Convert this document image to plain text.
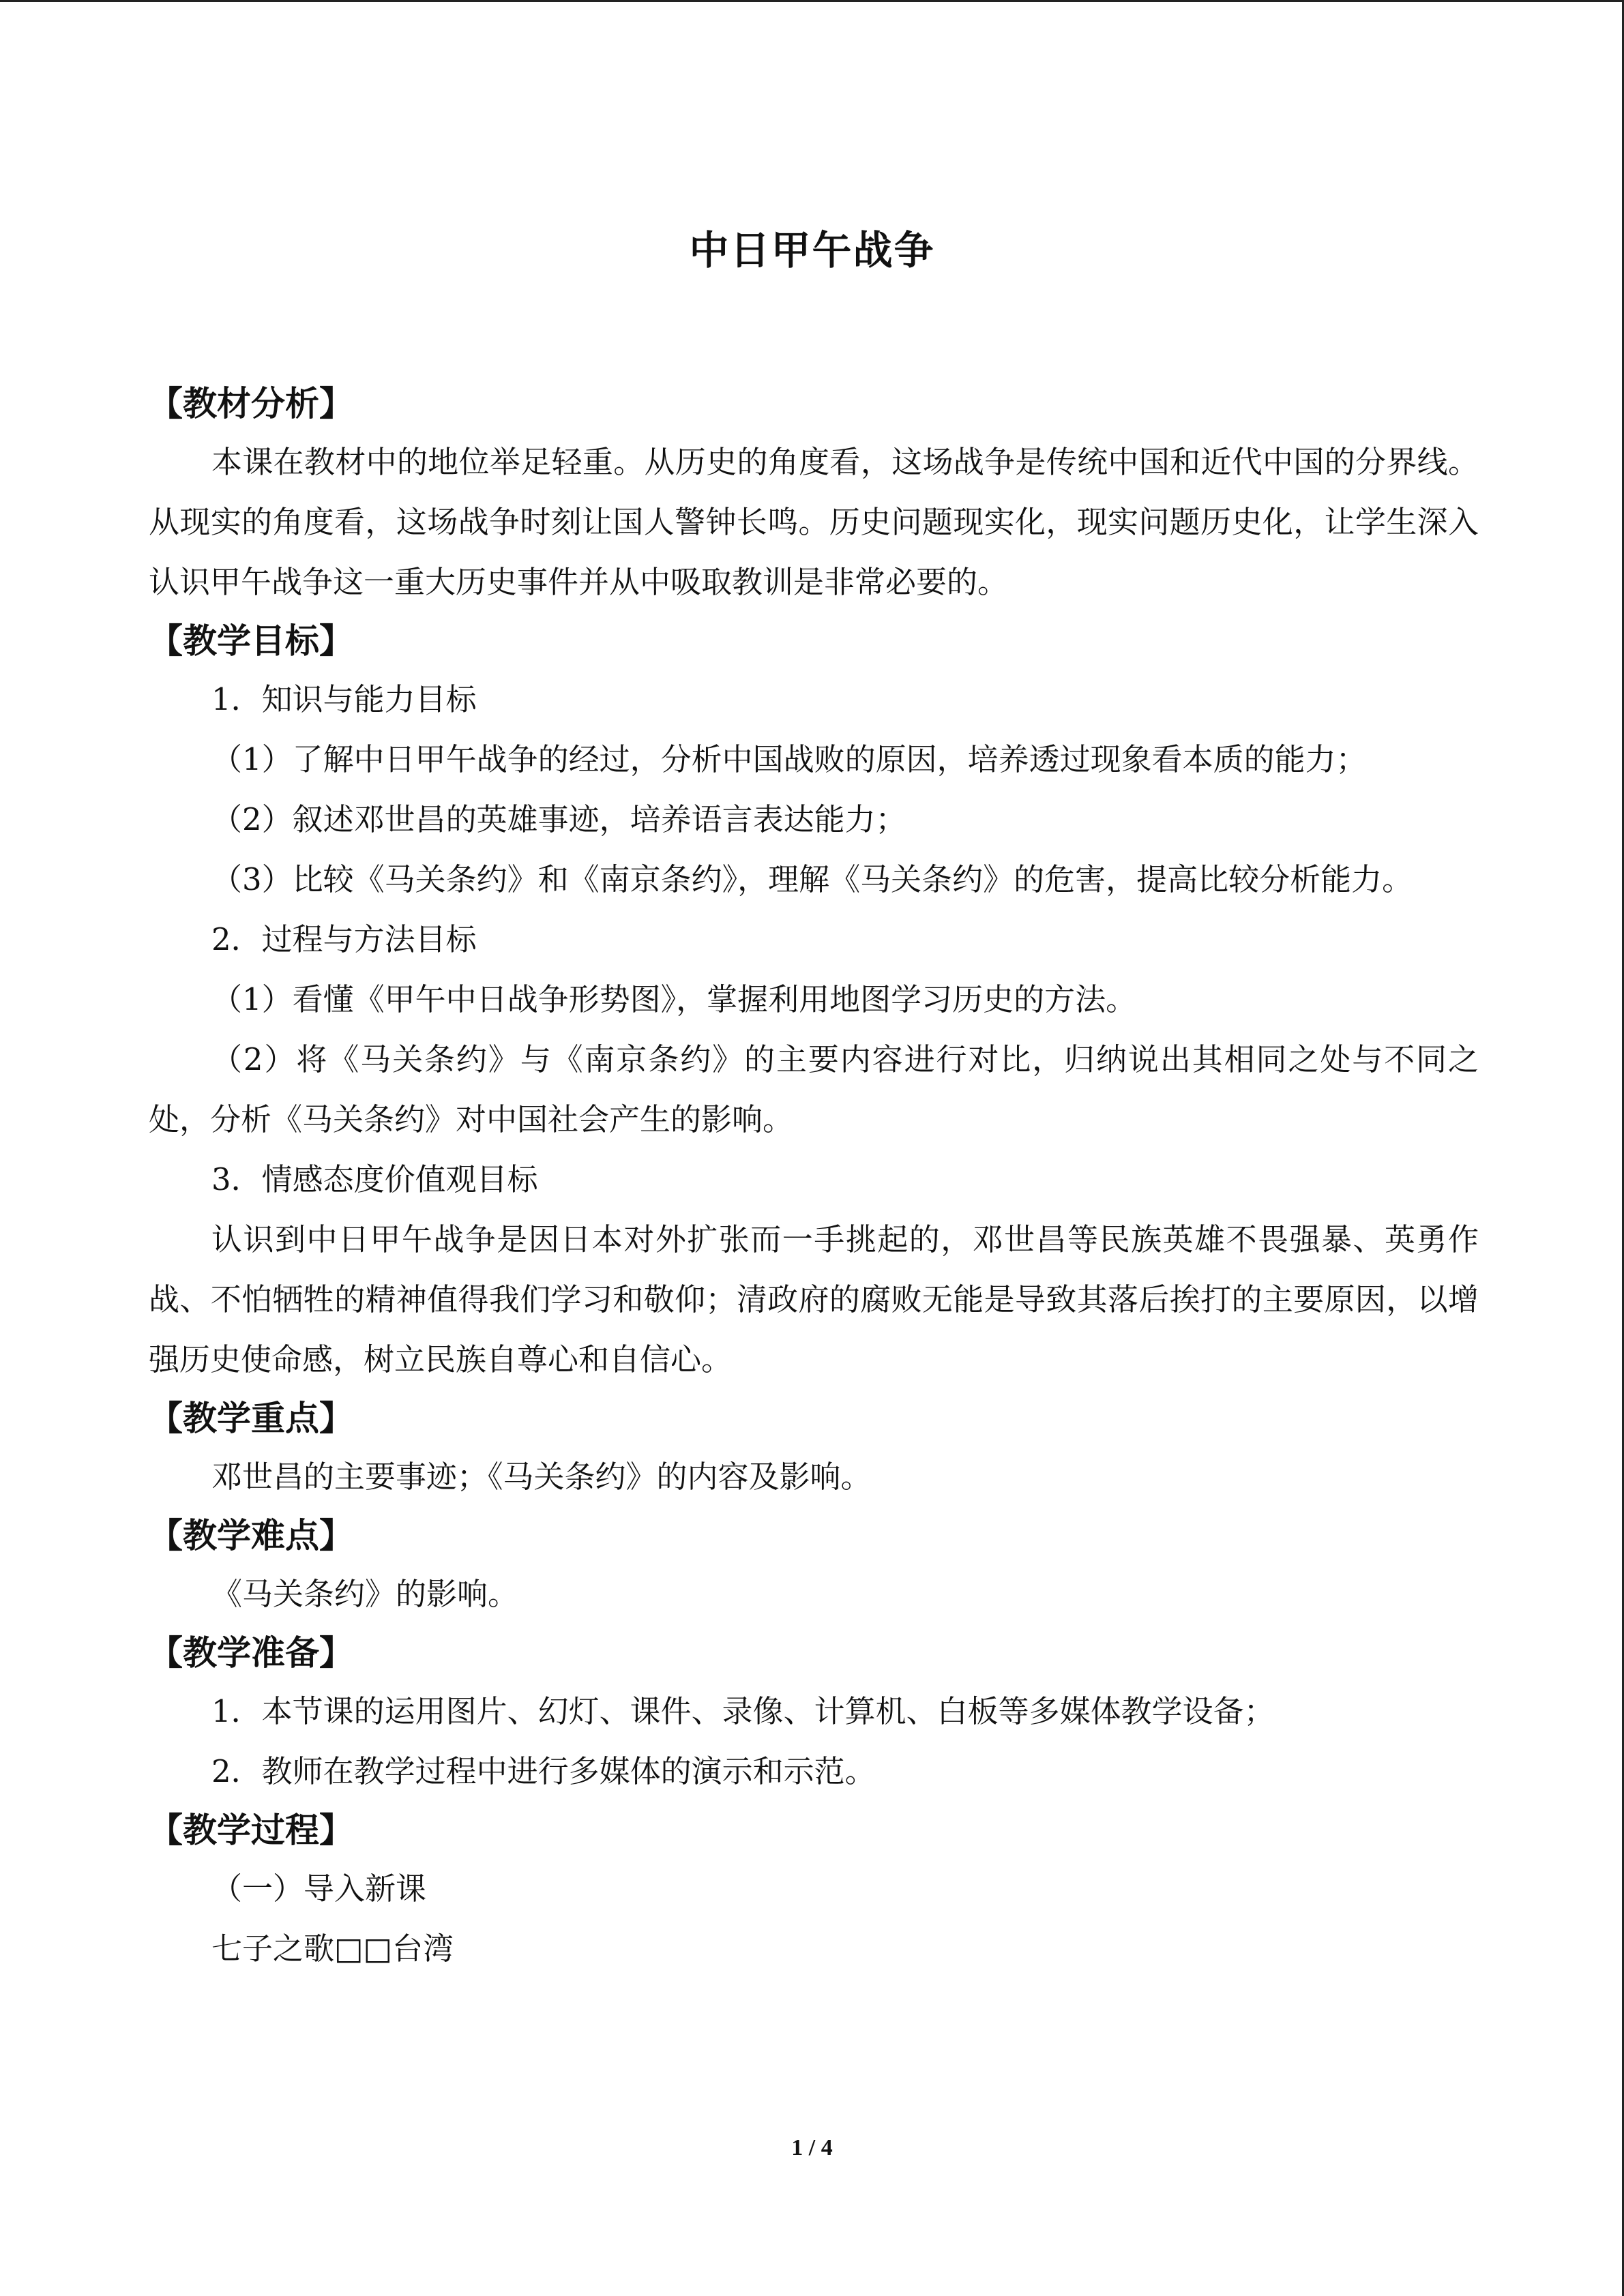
中日甲午战争
【教材分析】

本课在教材中的地位举足轻重。从历史的角度看，这场战争是传统中国和近代中国的分界线。从现实的角度看，这场战争时刻让国人警钟长鸣。历史问题现实化，现实问题历史化，让学生深入认识甲午战争这一重大历史事件并从中吸取教训是非常必要的。

【教学目标】

1．知识与能力目标

（1）了解中日甲午战争的经过，分析中国战败的原因，培养透过现象看本质的能力；

（2）叙述邓世昌的英雄事迹，培养语言表达能力；

（3）比较《马关条约》和《南京条约》，理解《马关条约》的危害，提高比较分析能力。

2．过程与方法目标

（1）看懂《甲午中日战争形势图》，掌握利用地图学习历史的方法。

（2）将《马关条约》与《南京条约》的主要内容进行对比，归纳说出其相同之处与不同之处，分析《马关条约》对中国社会产生的影响。

3．情感态度价值观目标

认识到中日甲午战争是因日本对外扩张而一手挑起的，邓世昌等民族英雄不畏强暴、英勇作战、不怕牺牲的精神值得我们学习和敬仰；清政府的腐败无能是导致其落后挨打的主要原因，以增强历史使命感，树立民族自尊心和自信心。

【教学重点】

邓世昌的主要事迹；《马关条约》的内容及影响。

【教学难点】

《马关条约》的影响。

【教学准备】

1．本节课的运用图片、幻灯、课件、录像、计算机、白板等多媒体教学设备；

2．教师在教学过程中进行多媒体的演示和示范。

【教学过程】

（一）导入新课

七子之歌□□台湾

1 / 4
